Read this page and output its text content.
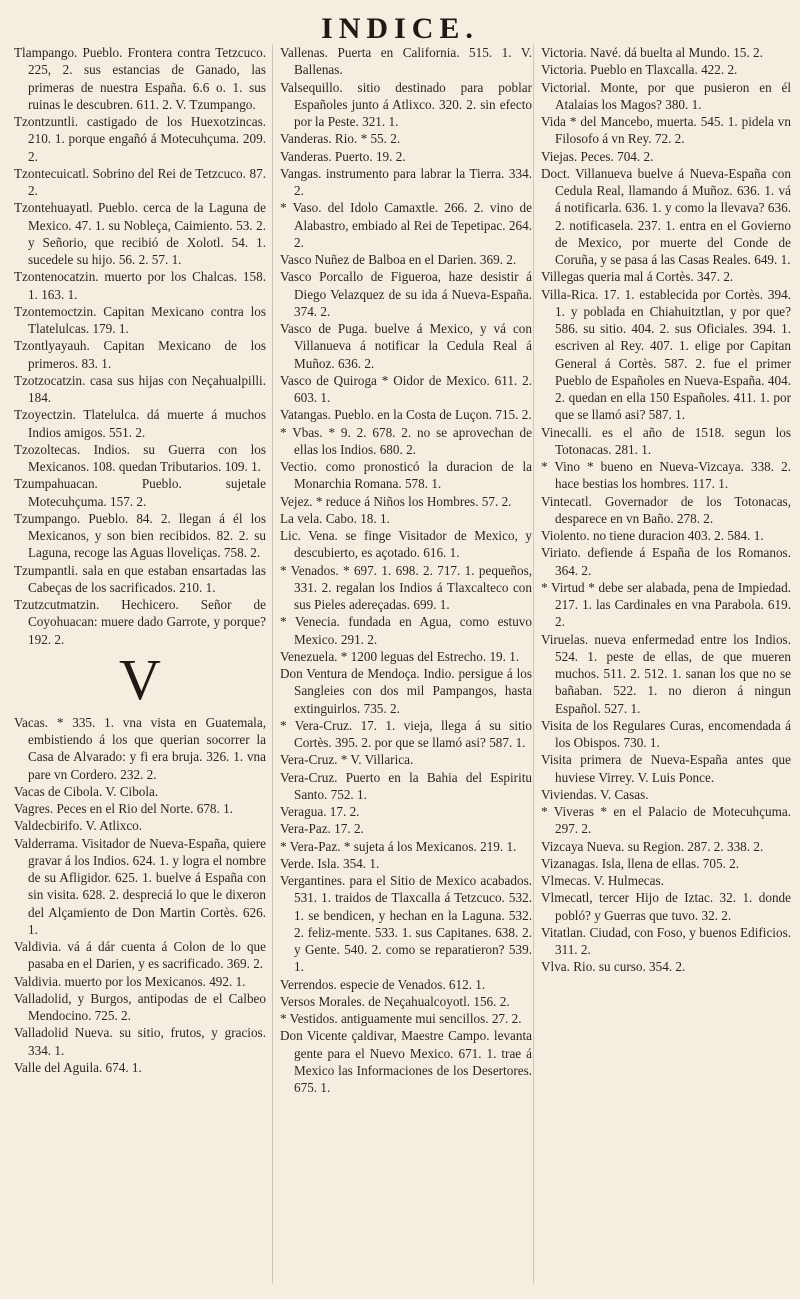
INDICE.

Tlampango. Pueblo. Frontera contra Tetzcuco. 225, 2. sus estancias de Ganado, las primeras de nuestra España. 6.6 o. 1. sus ruinas le descubren. 611. 2. V. Tzumpango.

Tzontzuntli. castigado de los Huexotzincas. 210. 1. porque engañó á Motecuhçuma. 209. 2.

Tzontecuicatl. Sobrino del Rei de Tetzcuco. 87. 2.

Tzontehuayatl. Pueblo. cerca de la Laguna de Mexico. 47. 1. su Nobleça, Caimiento. 53. 2. y Señorio, que recibió de Xolotl. 54. 1. sucedele su hijo. 56. 2. 57. 1.

Tzontenocatzin. muerto por los Chalcas. 158. 1. 163. 1.

Tzontemoctzin. Capitan Mexicano contra los Tlatelulcas. 179. 1.

Tzontlyayauh. Capitan Mexicano de los primeros. 83. 1.

Tzotzocatzin. casa sus hijas con Neçahualpilli. 184.

Tzoyectzin. Tlatelulca. dá muerte á muchos Indios amigos. 551. 2.

Tzozoltecas. Indios. su Guerra con los Mexicanos. 108. quedan Tributarios. 109. 1.

Tzumpahuacan. Pueblo. sujetale Motecuhçuma. 157. 2.

Tzumpango. Pueblo. 84. 2. llegan á él los Mexicanos, y son bien recibidos. 82. 2. su Laguna, recoge las Aguas lloveliças. 758. 2.

Tzumpantli. sala en que estaban ensartadas las Cabeças de los sacrificados. 210. 1.

Tzutzcutmatzin. Hechicero. Señor de Coyohuacan: muere dado Garrote, y porque? 192. 2.

V

Vacas. * 335. 1. vna vista en Guatemala, embistiendo á los que querian socorrer la Casa de Alvarado: y fi era bruja. 326. 1. vna pare vn Cordero. 232. 2.

Vacas de Cibola. V. Cibola.

Vagres. Peces en el Rio del Norte. 678. 1.

Valdecbirifo. V. Atlixco.

Valderrama. Visitador de Nueva-España, quiere gravar á los Indios. 624. 1. y logra el nombre de su Afligidor. 625. 1. buelve á España con sin visita. 628. 2. despreciá lo que le dixeron del Alçamiento de Don Martin Cortès. 626. 1.

Valdivia. vá á dár cuenta á Colon de lo que pasaba en el Darien, y es sacrificado. 369. 2.

Valdivia. muerto por los Mexicanos. 492. 1.

Valladolid, y Burgos, antipodas de el Calbeo Mendocino. 725. 2.

Valladolid Nueva. su sitio, frutos, y gracios. 334. 1.

Valle del Aguila. 674. 1.

Vallenas. Puerta en California. 515. 1. V. Ballenas.

Valsequillo. sitio destinado para poblar Españoles junto á Atlixco. 320. 2. sin efecto por la Peste. 321. 1.

Vanderas. Rio. * 55. 2.

Vanderas. Puerto. 19. 2.

Vangas. instrumento para labrar la Tierra. 334. 2.

* Vaso. del Idolo Camaxtle. 266. 2. vino de Alabastro, embiado al Rei de Tepetipac. 264. 2.

Vasco Nuñez de Balboa en el Darien. 369. 2.

Vasco Porcallo de Figueroa, haze desistir á Diego Velazquez de su ida á Nueva-España. 374. 2.

Vasco de Puga. buelve á Mexico, y vá con Villanueva á notificar la Cedula Real á Muñoz. 636. 2.

Vasco de Quiroga * Oidor de Mexico. 611. 2. 603. 1.

Vatangas. Pueblo. en la Costa de Luçon. 715. 2.

* Vbas. * 9. 2. 678. 2. no se aprovechan de ellas los Indios. 680. 2.

Vectio. como pronosticó la duracion de la Monarchia Romana. 578. 1.

Vejez. * reduce á Niños los Hombres. 57. 2.

La vela. Cabo. 18. 1.

Lic. Vena. se finge Visitador de Mexico, y descubierto, es açotado. 616. 1.

* Venados. * 697. 1. 698. 2. 717. 1. pequeños, 331. 2. regalan los Indios á Tlaxcalteco con sus Pieles adereçadas. 699. 1.

* Venecia. fundada en Agua, como estuvo Mexico. 291. 2.

Venezuela. * 1200 leguas del Estrecho. 19. 1.

Don Ventura de Mendoça. Indio. persigue á los Sangleies con dos mil Pampangos, hasta extinguirlos. 735. 2.

* Vera-Cruz. 17. 1. vieja, llega á su sitio Cortès. 395. 2. por que se llamó asi? 587. 1.

Vera-Cruz. * V. Villarica.

Vera-Cruz. Puerto en la Bahia del Espiritu Santo. 752. 1.

Veragua. 17. 2.

Vera-Paz. 17. 2.

* Vera-Paz. * sujeta á los Mexicanos. 219. 1.

Verde. Isla. 354. 1.

Vergantines. para el Sitio de Mexico acabados. 531. 1. traidos de Tlaxcalla á Tetzcuco. 532. 1. se bendicen, y hechan en la Laguna. 532. 2. feliz-mente. 533. 1. sus Capitanes. 638. 2. y Gente. 540. 2. como se reparatieron? 539. 1.

Verrendos. especie de Venados. 612. 1.

Versos Morales. de Neçahualcoyotl. 156. 2.

* Vestidos. antiguamente mui sencillos. 27. 2.

Don Vicente çaldivar, Maestre Campo. levanta gente para el Nuevo Mexico. 671. 1. trae á Mexico las Informaciones de los Desertores. 675. 1.

Victoria. Navé. dá buelta al Mundo. 15. 2.

Victoria. Pueblo en Tlaxcalla. 422. 2.

Victorial. Monte, por que pusieron en él Atalaias los Magos? 380. 1.

Vida * del Mancebo, muerta. 545. 1. pidela vn Filosofo á vn Rey. 72. 2.

Viejas. Peces. 704. 2.

Doct. Villanueva buelve á Nueva-España con Cedula Real, llamando á Muñoz. 636. 1. vá á notificarla. 636. 1. y como la llevava? 636. 2. notificasela. 237. 1. entra en el Govierno de Mexico, por muerte del Conde de Coruña, y se pasa á las Casas Reales. 649. 1.

Villegas queria mal á Cortès. 347. 2.

Villa-Rica. 17. 1. establecida por Cortès. 394. 1. y poblada en Chiahuitztlan, y por que? 586. su sitio. 404. 2. sus Oficiales. 394. 1. escriven al Rey. 407. 1. elige por Capitan General á Cortès. 587. 2. fue el primer Pueblo de Españoles en Nueva-España. 404. 2. quedan en ella 150 Españoles. 411. 1. por que se llamó asi? 587. 1.

Vinecalli. es el año de 1518. segun los Totonacas. 281. 1.

* Vino * bueno en Nueva-Vizcaya. 338. 2. hace bestias los hombres. 117. 1.

Vintecatl. Governador de los Totonacas, desparece en vn Baño. 278. 2.

Violento. no tiene duracion 403. 2. 584. 1.

Viriato. defiende á España de los Romanos. 364. 2.

* Virtud * debe ser alabada, pena de Impiedad. 217. 1. las Cardinales en vna Parabola. 619. 2.

Viruelas. nueva enfermedad entre los Indios. 524. 1. peste de ellas, de que mueren muchos. 511. 2. 512. 1. sanan los que no se bañaban. 522. 1. no dieron á ningun Español. 527. 1.

Visita de los Regulares Curas, encomendada á los Obispos. 730. 1.

Visita primera de Nueva-España antes que huviese Virrey. V. Luis Ponce.

Viviendas. V. Casas.

* Viveras * en el Palacio de Motecuhçuma. 297. 2.

Vizcaya Nueva. su Region. 287. 2. 338. 2.

Vizanagas. Isla, llena de ellas. 705. 2.

Vlmecas. V. Hulmecas.

Vlmecatl, tercer Hijo de Iztac. 32. 1. donde pobló? y Guerras que tuvo. 32. 2.

Vitatlan. Ciudad, con Foso, y buenos Edificios. 311. 2.

Vlva. Rio. su curso. 354. 2.
